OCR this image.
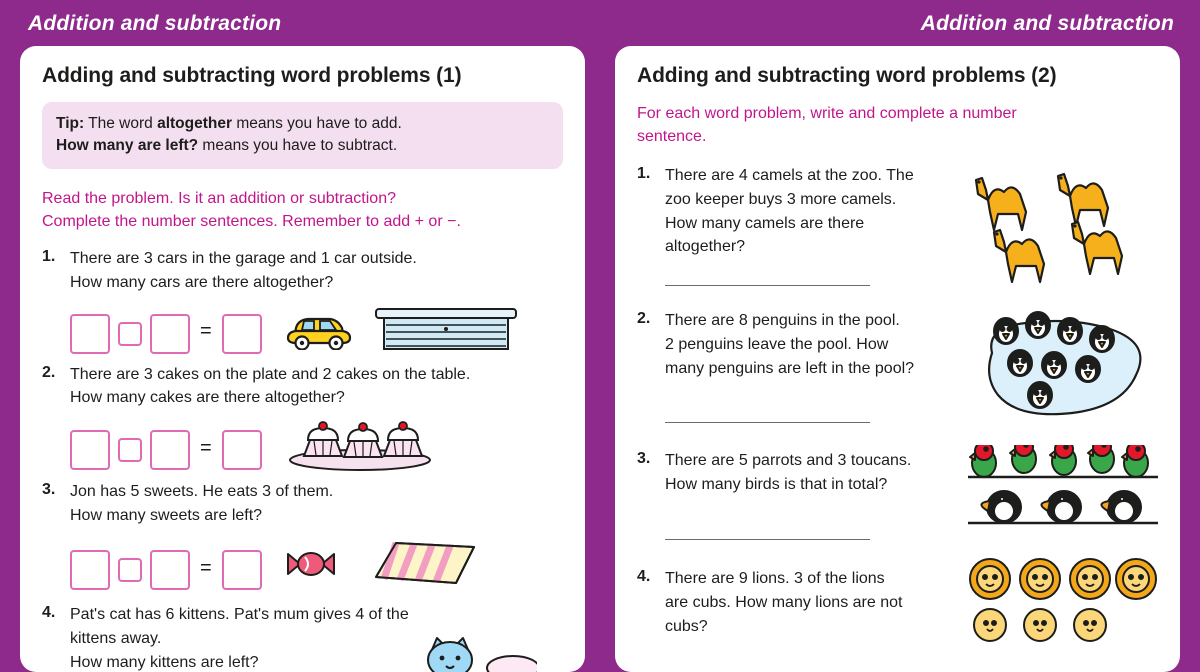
Addition and subtraction
Adding and subtracting word problems (1)
Tip: The word altogether means you have to add.
How many are left? means you have to subtract.
Read the problem. Is it an addition or subtraction?
Complete the number sentences. Remember to add + or −.
1. There are 3 cars in the garage and 1 car outside.
How many cars are there altogether?
=
2. There are 3 cakes on the plate and 2 cakes on the table.
How many cakes are there altogether?
=
3. Jon has 5 sweets. He eats 3 of them.
How many sweets are left?
=
4. Pat's cat has 6 kittens. Pat's mum gives 4 of the
kittens away.
How many kittens are left?
Addition and subtraction
Adding and subtracting word problems (2)
For each word problem, write and complete a number
sentence.
1. There are 4 camels at the zoo. The
zoo keeper buys 3 more camels.
How many camels are there
altogether?
2. There are 8 penguins in the pool.
2 penguins leave the pool. How
many penguins are left in the pool?
3. There are 5 parrots and 3 toucans.
How many birds is that in total?
4. There are 9 lions. 3 of the lions
are cubs. How many lions are not
cubs?
